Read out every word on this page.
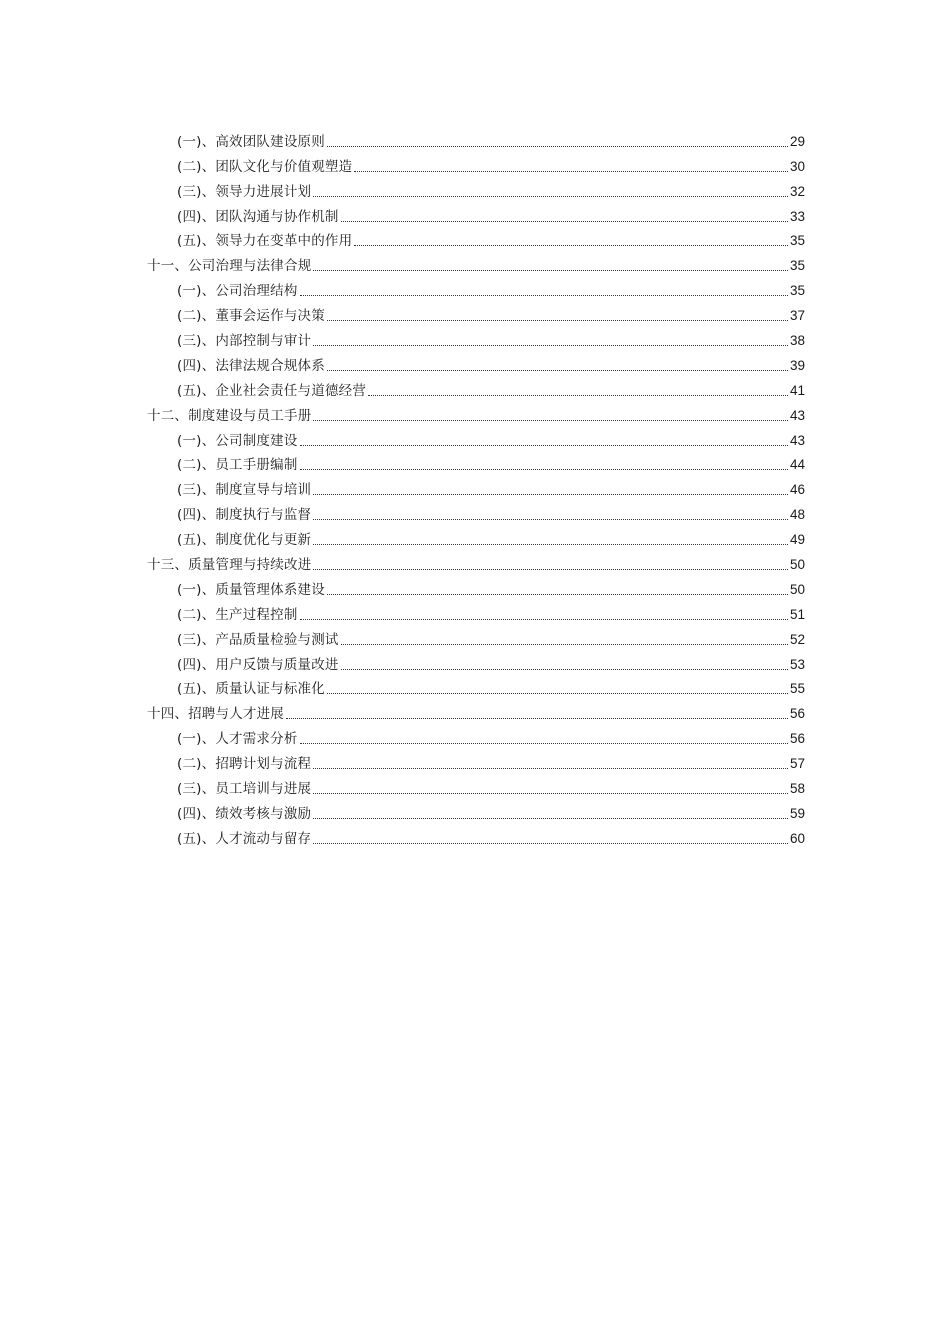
(一)、高效团队建设原则	29
(二)、团队文化与价值观塑造	30
(三)、领导力进展计划	32
(四)、团队沟通与协作机制	33
(五)、领导力在变革中的作用	35
十一、公司治理与法律合规	35
(一)、公司治理结构	35
(二)、董事会运作与决策	37
(三)、内部控制与审计	38
(四)、法律法规合规体系	39
(五)、企业社会责任与道德经营	41
十二、制度建设与员工手册	43
(一)、公司制度建设	43
(二)、员工手册编制	44
(三)、制度宣导与培训	46
(四)、制度执行与监督	48
(五)、制度优化与更新	49
十三、质量管理与持续改进	50
(一)、质量管理体系建设	50
(二)、生产过程控制	51
(三)、产品质量检验与测试	52
(四)、用户反馈与质量改进	53
(五)、质量认证与标准化	55
十四、招聘与人才进展	56
(一)、人才需求分析	56
(二)、招聘计划与流程	57
(三)、员工培训与进展	58
(四)、绩效考核与激励	59
(五)、人才流动与留存	60
